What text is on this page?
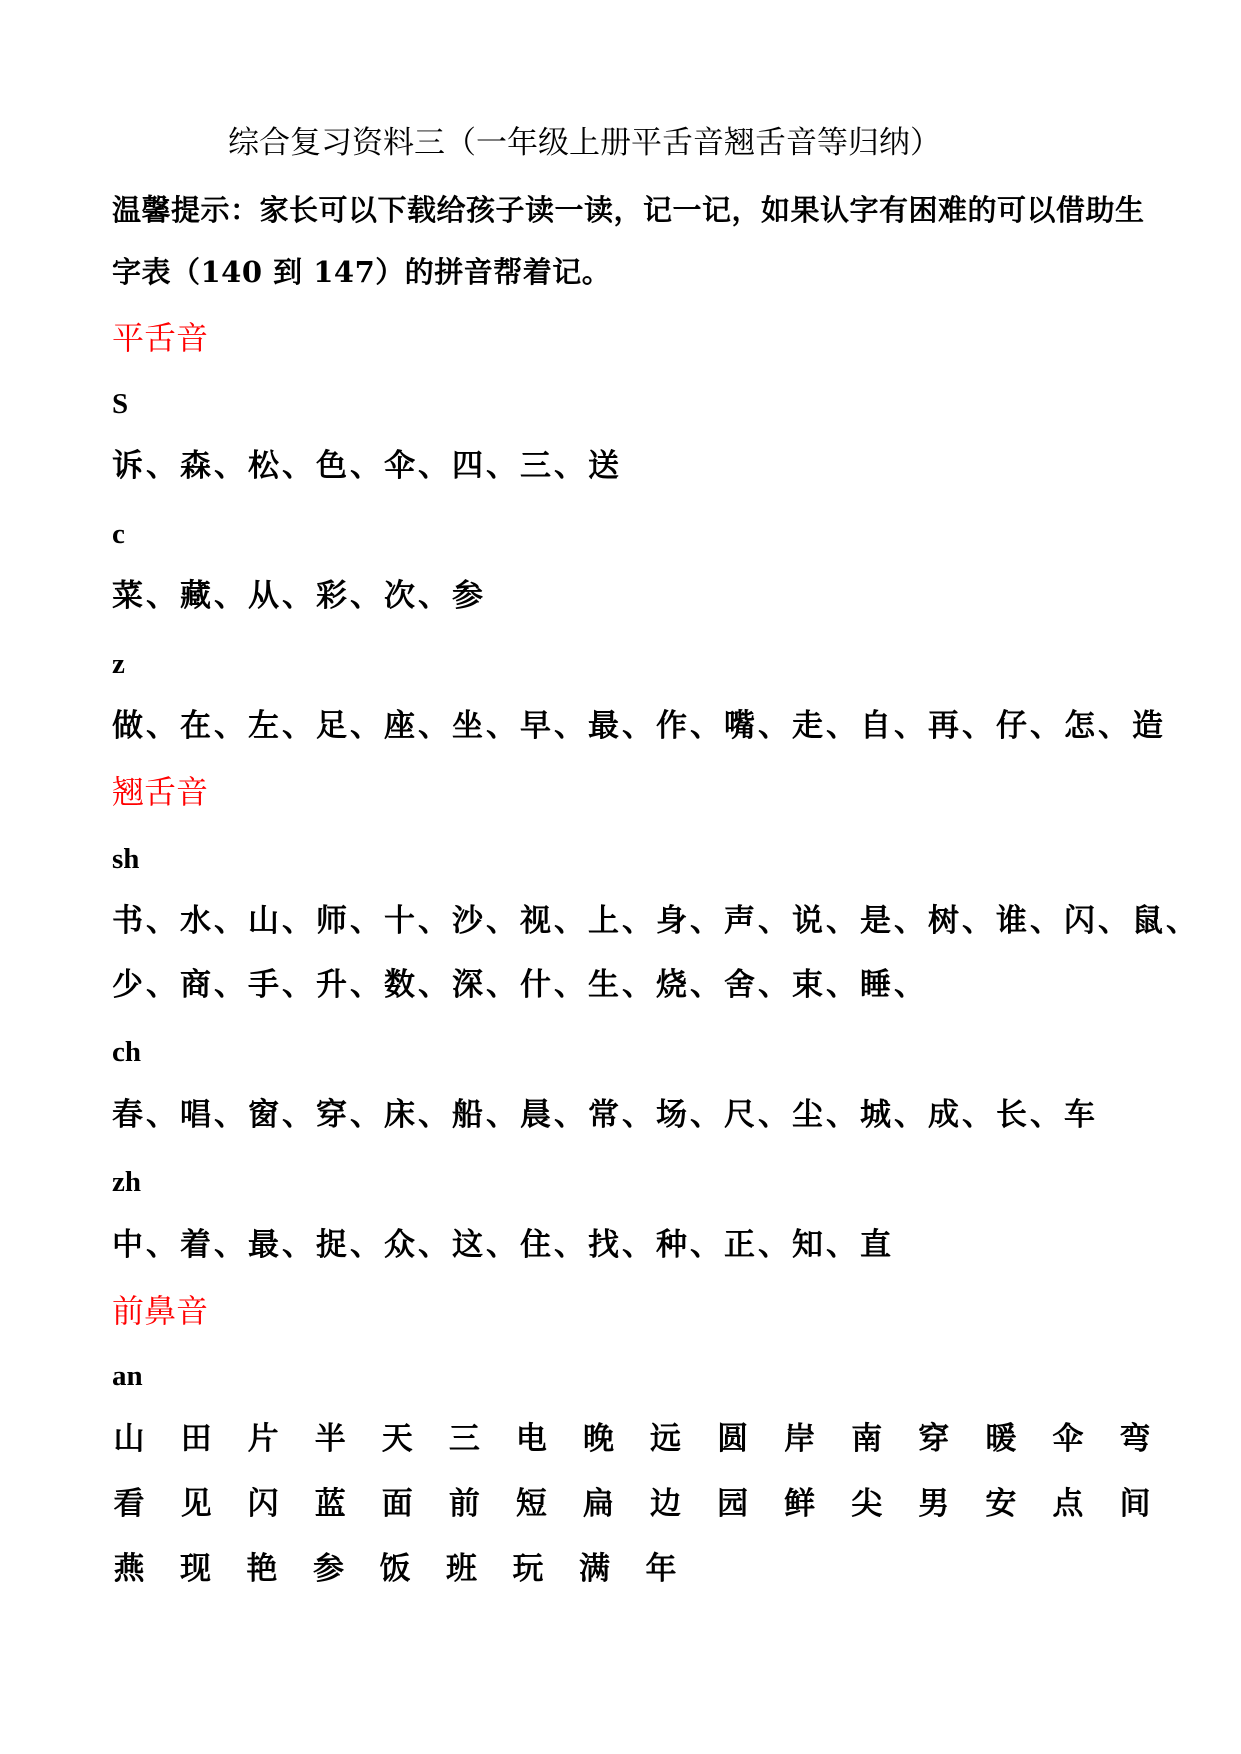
综合复习资料三（一年级上册平舌音翘舌音等归纳）
温馨提示：家长可以下载给孩子读一读，记一记，如果认字有困难的可以借助生
字表（140 到 147）的拼音帮着记。
平舌音
S
诉、森、松、色、伞、四、三、送
c
菜、藏、从、彩、次、参
z
做、在、左、足、座、坐、早、最、作、嘴、走、自、再、仔、怎、造
翘舌音
sh
书、水、山、师、十、沙、视、上、身、声、说、是、树、谁、闪、鼠、
少、商、手、升、数、深、什、生、烧、舍、束、睡、
ch
春、唱、窗、穿、床、船、晨、常、场、尺、尘、城、成、长、车
zh
中、着、最、捉、众、这、住、找、种、正、知、直
前鼻音
an
山 田 片 半 天 三 电 晚 远 圆 岸 南 穿 暖 伞 弯
看 见 闪 蓝 面 前 短 扁 边 园 鲜 尖 男 安 点 间
燕 现 艳 参 饭 班 玩 满 年
